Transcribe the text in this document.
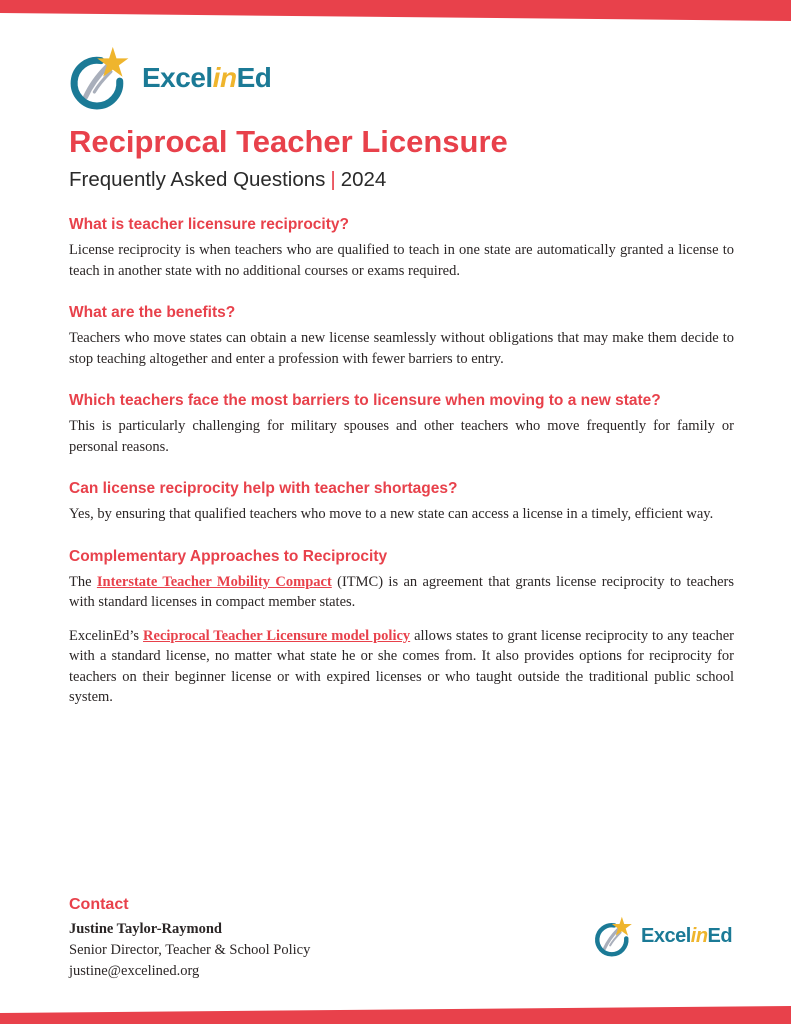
ExcelinEd
Reciprocal Teacher Licensure
Frequently Asked Questions | 2024
What is teacher licensure reciprocity?

License reciprocity is when teachers who are qualified to teach in one state are automatically granted a license to teach in another state with no additional courses or exams required.

What are the benefits?

Teachers who move states can obtain a new license seamlessly without obligations that may make them decide to stop teaching altogether and enter a profession with fewer barriers to entry.

Which teachers face the most barriers to licensure when moving to a new state?

This is particularly challenging for military spouses and other teachers who move frequently for family or personal reasons.

Can license reciprocity help with teacher shortages?

Yes, by ensuring that qualified teachers who move to a new state can access a license in a timely, efficient way.

Complementary Approaches to Reciprocity

The Interstate Teacher Mobility Compact (ITMC) is an agreement that grants license reciprocity to teachers with standard licenses in compact member states.

ExcelinEd’s Reciprocal Teacher Licensure model policy allows states to grant license reciprocity to any teacher with a standard license, no matter what state he or she comes from. It also provides options for reciprocity for teachers on their beginner license or with expired licenses or who taught outside the traditional public school system.

Contact
Justine Taylor-Raymond
Senior Director, Teacher & School Policy
justine@excelined.org
ExcelinEd
